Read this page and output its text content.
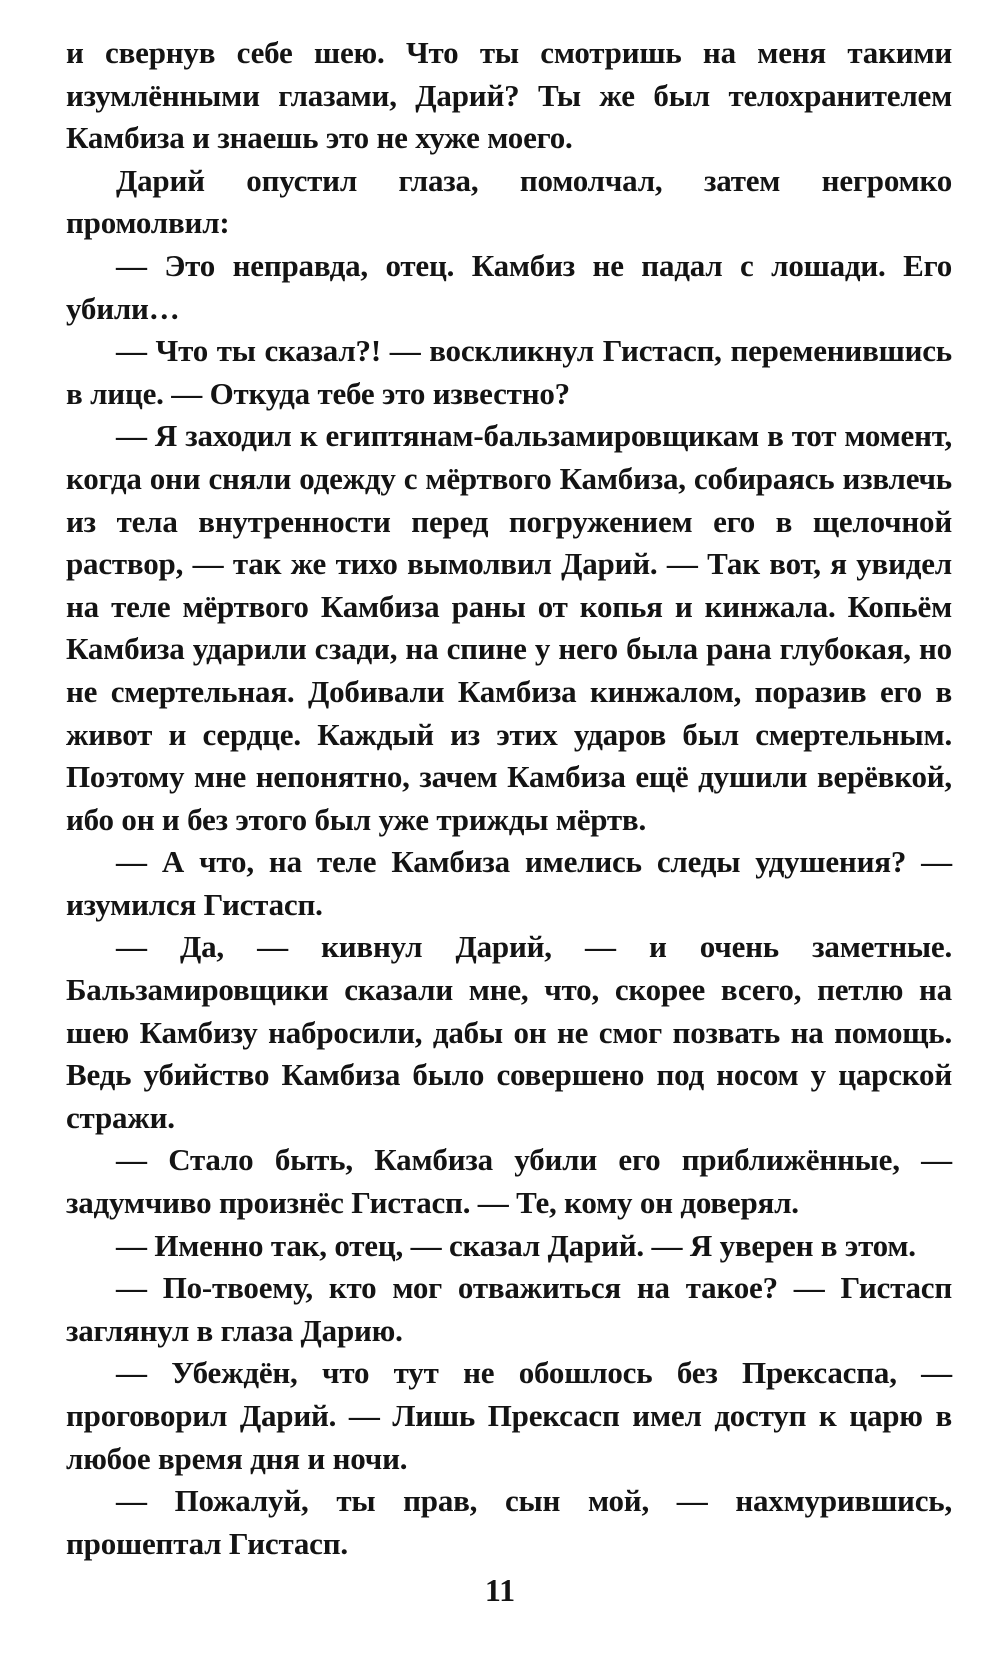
и свернув себе шею. Что ты смотришь на меня такими изумлёнными глазами, Дарий? Ты же был телохранителем Камбиза и знаешь это не хуже моего.

Дарий опустил глаза, помолчал, затем негромко промолвил:

— Это неправда, отец. Камбиз не падал с лошади. Его убили…

— Что ты сказал?! — воскликнул Гистасп, переменившись в лице. — Откуда тебе это известно?

— Я заходил к египтянам-бальзамировщикам в тот момент, когда они сняли одежду с мёртвого Камбиза, собираясь извлечь из тела внутренности перед погружением его в щелочной раствор, — так же тихо вымолвил Дарий. — Так вот, я увидел на теле мёртвого Камбиза раны от копья и кинжала. Копьём Камбиза ударили сзади, на спине у него была рана глубокая, но не смертельная. Добивали Камбиза кинжалом, поразив его в живот и сердце. Каждый из этих ударов был смертельным. Поэтому мне непонятно, зачем Камбиза ещё душили верёвкой, ибо он и без этого был уже трижды мёртв.

— А что, на теле Камбиза имелись следы удушения? — изумился Гистасп.

— Да, — кивнул Дарий, — и очень заметные. Бальзамировщики сказали мне, что, скорее всего, петлю на шею Камбизу набросили, дабы он не смог позвать на помощь. Ведь убийство Камбиза было совершено под носом у царской стражи.

— Стало быть, Камбиза убили его приближённые, — задумчиво произнёс Гистасп. — Те, кому он доверял.

— Именно так, отец, — сказал Дарий. — Я уверен в этом.

— По-твоему, кто мог отважиться на такое? — Гистасп заглянул в глаза Дарию.

— Убеждён, что тут не обошлось без Прексаспа, — проговорил Дарий. — Лишь Прексасп имел доступ к царю в любое время дня и ночи.

— Пожалуй, ты прав, сын мой, — нахмурившись, прошептал Гистасп.

11
